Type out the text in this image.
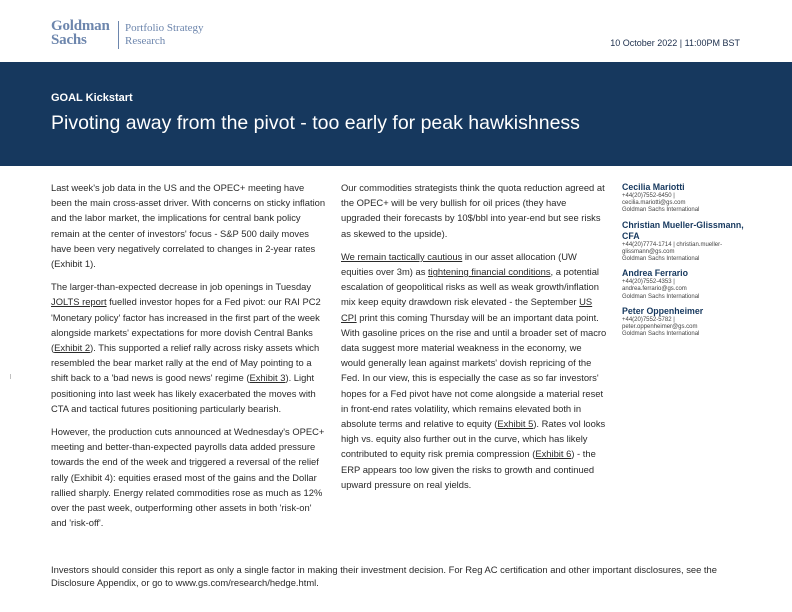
Goldman
Sachs
Portfolio Strategy
Research	10 October 2022 | 11:00PM BST
GOAL Kickstart
Pivoting away from the pivot - too early for peak hawkishness

Last week's job data in the US and the OPEC+ meeting have been the main cross-asset driver. With concerns on sticky inflation and the labor market, the implications for central bank policy remain at the center of investors' focus - S&P 500 daily moves have been very negatively correlated to changes in 2-year rates (Exhibit 1).

The larger-than-expected decrease in job openings in Tuesday JOLTS report fuelled investor hopes for a Fed pivot: our RAI PC2 'Monetary policy' factor has increased in the first part of the week alongside markets' expectations for more dovish Central Banks (Exhibit 2). This supported a relief rally across risky assets which resembled the bear market rally at the end of May pointing to a shift back to a 'bad news is good news' regime (Exhibit 3). Light positioning into last week has likely exacerbated the moves with CTA and tactical futures positioning particularly bearish.

However, the production cuts announced at Wednesday's OPEC+ meeting and better-than-expected payrolls data added pressure towards the end of the week and triggered a reversal of the relief rally (Exhibit 4): equities erased most of the gains and the Dollar rallied sharply. Energy related commodities rose as much as 12% over the past week, outperforming other assets in both 'risk-on' and 'risk-off'.

Our commodities strategists think the quota reduction agreed at the OPEC+ will be very bullish for oil prices (they have upgraded their forecasts by 10$/bbl into year-end but see risks as skewed to the upside).

We remain tactically cautious in our asset allocation (UW equities over 3m) as tightening financial conditions, a potential escalation of geopolitical risks as well as weak growth/inflation mix keep equity drawdown risk elevated - the September US CPI print this coming Thursday will be an important data point. With gasoline prices on the rise and until a broader set of macro data suggest more material weakness in the economy, we would generally lean against markets' dovish repricing of the Fed. In our view, this is especially the case as so far investors' hopes for a Fed pivot have not come alongside a material reset in front-end rates volatility, which remains elevated both in absolute terms and relative to equity (Exhibit 5). Rates vol looks high vs. equity also further out in the curve, which has likely contributed to equity risk premia compression (Exhibit 6) - the ERP appears too low given the risks to growth and continued upward pressure on real yields.

Cecilia Mariotti
+44(20)7552-6450 |
cecilia.mariotti@gs.com
Goldman Sachs International
Christian Mueller-Glissmann, CFA
+44(20)7774-1714 | christian.mueller-
glissmann@gs.com
Goldman Sachs International
Andrea Ferrario
+44(20)7552-4353 |
andrea.ferrario@gs.com
Goldman Sachs International
Peter Oppenheimer
+44(20)7552-5782 |
peter.oppenheimer@gs.com
Goldman Sachs International
Investors should consider this report as only a single factor in making their investment decision. For Reg AC certification and other important disclosures, see the Disclosure Appendix, or go to www.gs.com/research/hedge.html.
